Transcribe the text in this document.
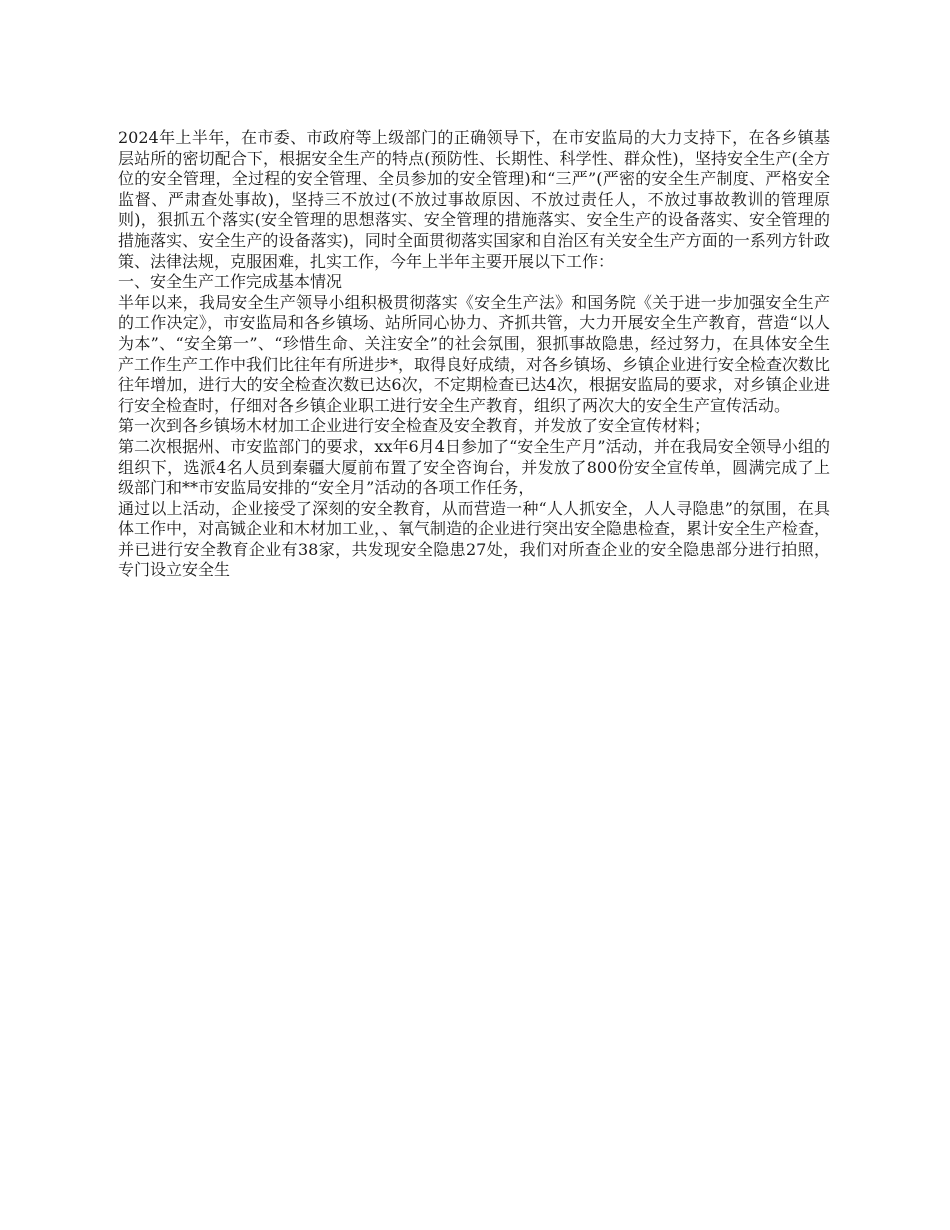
2024年上半年，在市委、市政府等上级部门的正确领导下，在市安监局的大力支持下，在各乡镇基层站所的密切配合下，根据安全生产的特点(预防性、长期性、科学性、群众性)，坚持安全生产(全方位的安全管理，全过程的安全管理、全员参加的安全管理)和“三严”(严密的安全生产制度、严格安全监督、严肃查处事故)，坚持三不放过(不放过事故原因、不放过责任人，不放过事故教训的管理原则)，狠抓五个落实(安全管理的思想落实、安全管理的措施落实、安全生产的设备落实、安全管理的措施落实、安全生产的设备落实)，同时全面贯彻落实国家和自治区有关安全生产方面的一系列方针政策、法律法规，克服困难，扎实工作，今年上半年主要开展以下工作：

一、安全生产工作完成基本情况

半年以来，我局安全生产领导小组积极贯彻落实《安全生产法》和国务院《关于进一步加强安全生产的工作决定》，市安监局和各乡镇场、站所同心协力、齐抓共管，大力开展安全生产教育，营造“以人为本”、“安全第一”、“珍惜生命、关注安全”的社会氛围，狠抓事故隐患，经过努力，在具体安全生产工作生产工作中我们比往年有所进步*，取得良好成绩，对各乡镇场、乡镇企业进行安全检查次数比往年增加，进行大的安全检查次数已达6次，不定期检查已达4次，根据安监局的要求，对乡镇企业进行安全检查时，仔细对各乡镇企业职工进行安全生产教育，组织了两次大的安全生产宣传活动。

第一次到各乡镇场木材加工企业进行安全检查及安全教育，并发放了安全宣传材料；

第二次根据州、市安监部门的要求，xx年6月4日参加了“安全生产月”活动，并在我局安全领导小组的组织下，选派4名人员到秦疆大厦前布置了安全咨询台，并发放了800份安全宣传单，圆满完成了上级部门和**市安监局安排的“安全月”活动的各项工作任务，

通过以上活动，企业接受了深刻的安全教育，从而营造一种“人人抓安全，人人寻隐患”的氛围，在具体工作中，对高铖企业和木材加工业，、氧气制造的企业进行突出安全隐患检查，累计安全生产检查，并已进行安全教育企业有38家，共发现安全隐患27处，我们对所查企业的安全隐患部分进行拍照，专门设立安全生
